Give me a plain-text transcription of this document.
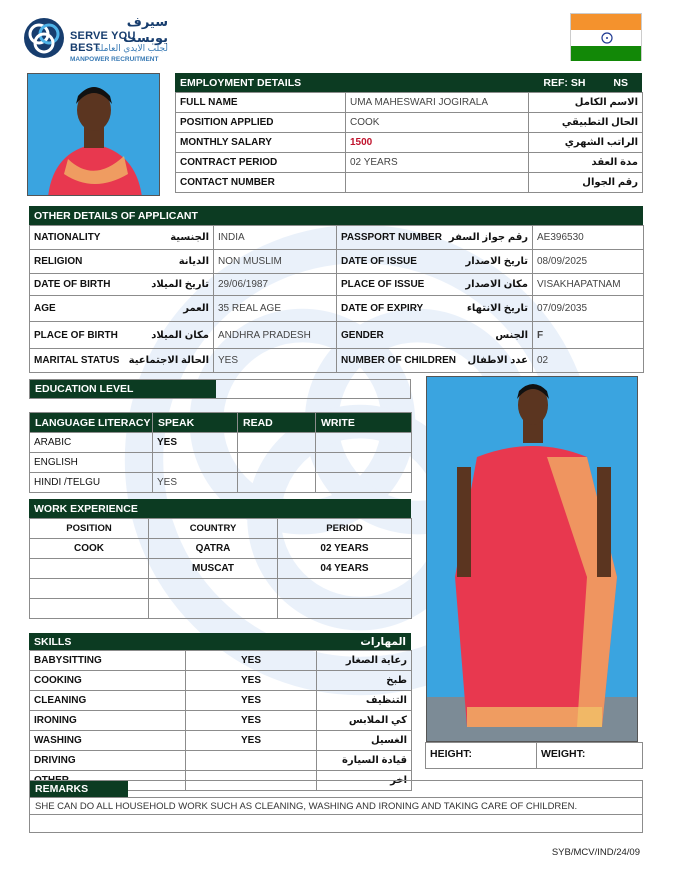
سيرف يوبست
SERVE YOU BEST
لجلب الايدي العاملة
MANPOWER RECRUITMENT
EMPLOYMENT DETAILS	REF: SH	NS
FULL NAME	UMA MAHESWARI JOGIRALA	الاسم الكامل
POSITION APPLIED	COOK	الحال التطبيقي
MONTHLY SALARY	1500	الراتب الشهري
CONTRACT PERIOD	02 YEARS	مدة العقد
CONTACT NUMBER		رقم الجوال
OTHER DETAILS OF APPLICANT
NATIONALITY الجنسية	INDIA	PASSPORT NUMBER رقم جواز السفر	AE396530

RELIGION الديانة	NON MUSLIM	DATE OF ISSUE تاريخ الاصدار	08/09/2025

DATE OF BIRTH تاريخ الميلاد	29/06/1987	PLACE OF ISSUE مكان الاصدار	VISAKHAPATNAM

AGE العمر	35 REAL AGE	DATE OF EXPIRY تاريخ الانتهاء	07/09/2035

PLACE OF BIRTH مكان الميلاد	ANDHRA PRADESH	GENDER الجنس	F

MARITAL STATUS الحالة الاجتماعية	YES	NUMBER OF CHILDREN عدد الاطفال	02
EDUCATION LEVEL
LANGUAGE LITERACY	SPEAK	READ	WRITE
ARABIC	YES		
ENGLISH			
HINDI /TELGU	YES		
WORK EXPERIENCE
POSITION	COUNTRY	PERIOD
COOK	QATRA	02 YEARS
	MUSCAT	04 YEARS

SKILLS	المهارات
BABYSITTING	YES	رعاية الصغار
COOKING	YES	طبخ
CLEANING	YES	التنظيف
IRONING	YES	كي الملابس
WASHING	YES	الغسيل
DRIVING		قيادة السيارة
		اخر
HEIGHT:	WEIGHT:
REMARKS
SHE CAN DO ALL HOUSEHOLD WORK SUCH AS CLEANING, WASHING AND IRONING AND TAKING CARE OF CHILDREN.
SYB/MCV/IND/24/09
